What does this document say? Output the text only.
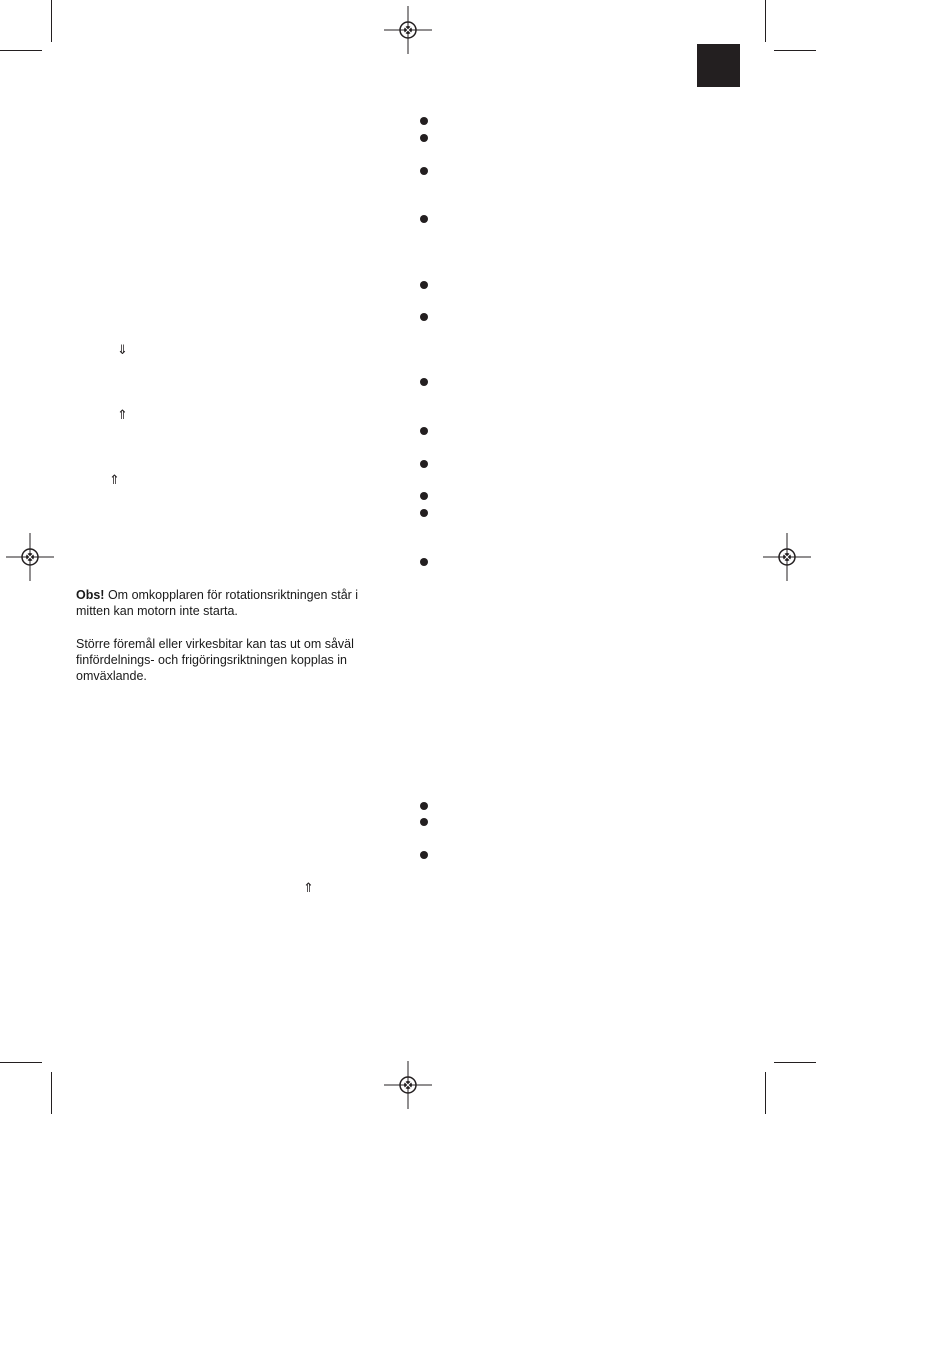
⇓
⇑
⇑
⇑
Obs! Om omkopplaren för rotationsriktningen står i mitten kan motorn inte starta.
Större föremål eller virkesbitar kan tas ut om såväl finfördelnings- och frigöringsriktningen kopplas in omväxlande.
